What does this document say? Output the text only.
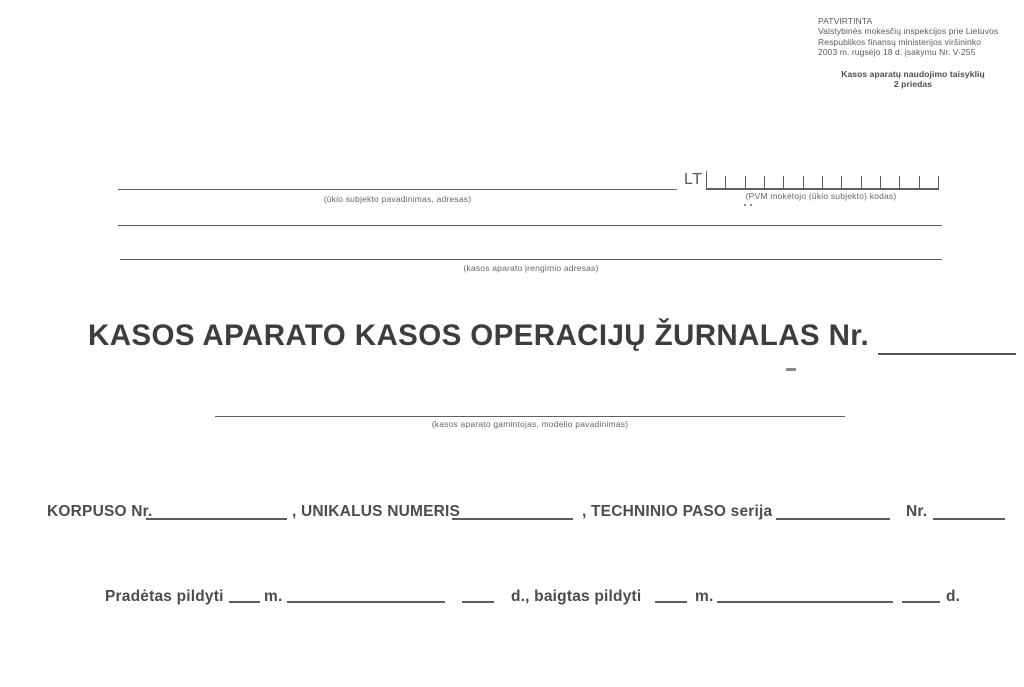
PATVIRTINTA
Valstybinės mokesčių inspekcijos prie Lietuvos
Respublikos finansų ministerijos viršininko
2003 m. rugsėjo 18 d. įsakymu Nr. V-255
Kasos aparatų naudojimo taisyklių
2 priedas
(ūkio subjekto pavadinimas, adresas)
LT
(PVM mokėtojo (ūkio subjekto) kodas)
(kasos aparato įrengimio adresas)
KASOS APARATO KASOS OPERACIJŲ ŽURNALAS Nr.
(kasos aparato gamintojas, modelio pavadinimas)
KORPUSO Nr.	, UNIKALUS NUMERIS	, TECHNINIO PASO serija	Nr.
Pradėtas pildyti	m.	d., baigtas pildyti	m.	d.
